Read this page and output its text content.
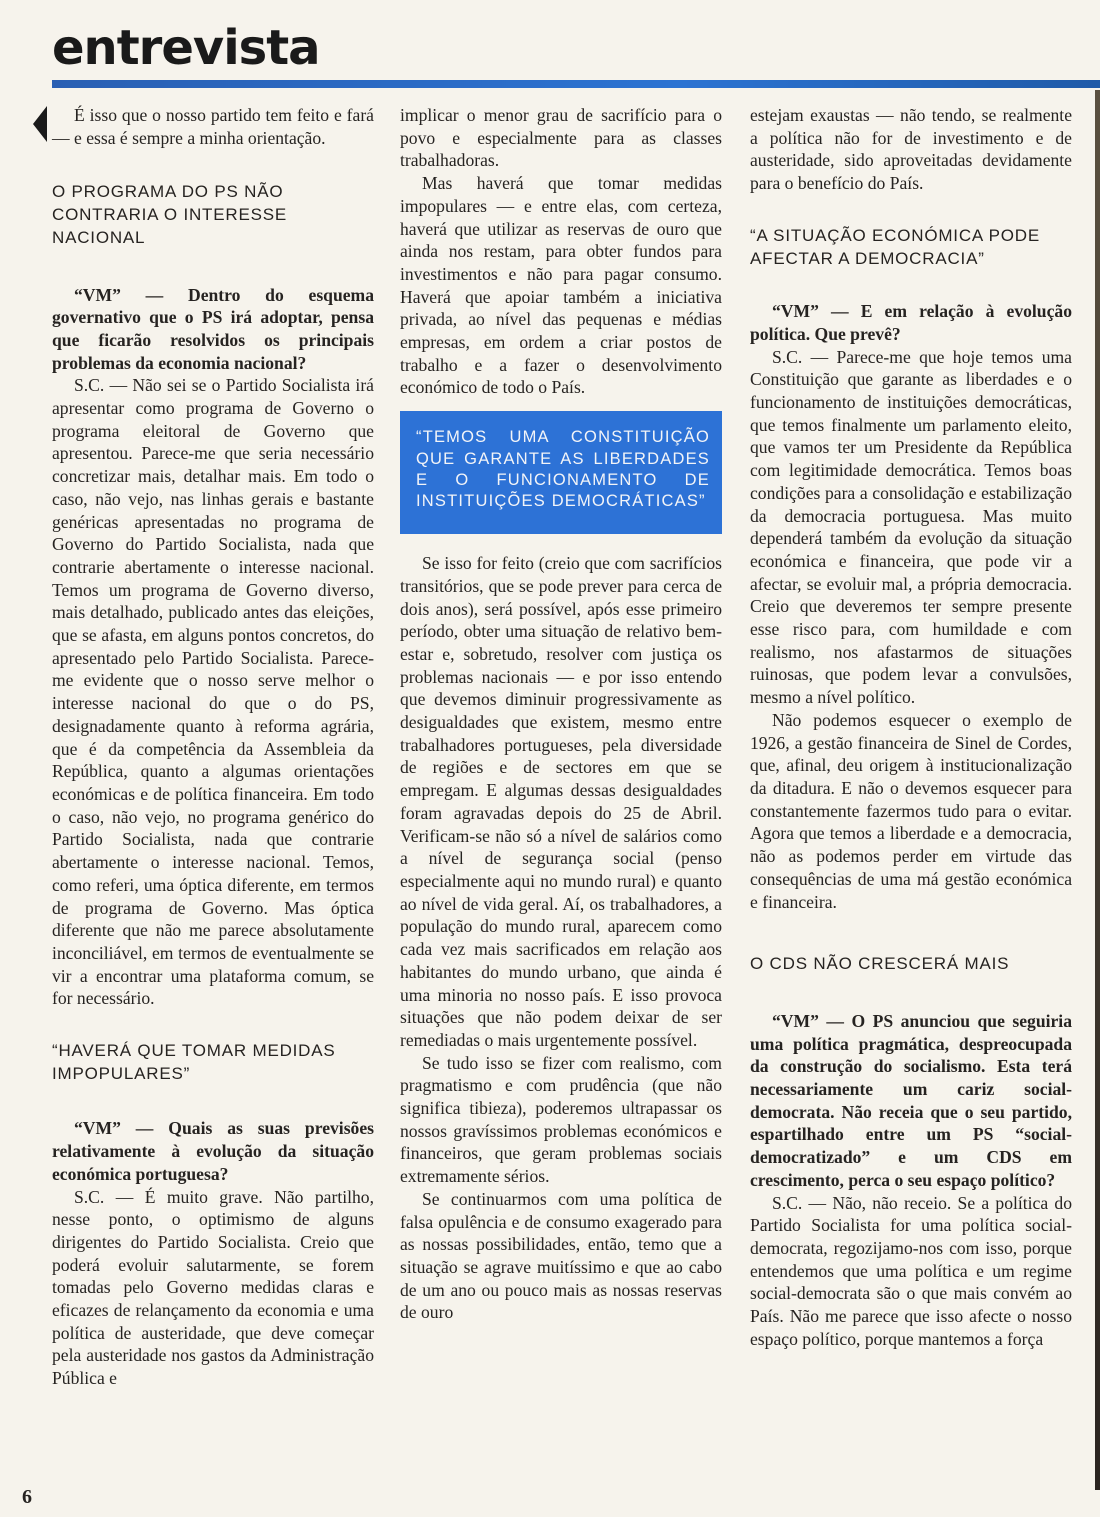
entrevista

É isso que o nosso partido tem feito e fará — e essa é sempre a minha orientação.

O PROGRAMA DO PS NÃO CONTRARIA O INTERESSE NACIONAL

“VM” — Dentro do esquema governativo que o PS irá adoptar, pensa que ficarão resolvidos os principais problemas da economia nacional?

S.C. — Não sei se o Partido Socialista irá apresentar como programa de Governo o programa eleitoral de Governo que apresentou. Parece-me que seria necessário concretizar mais, detalhar mais. Em todo o caso, não vejo, nas linhas gerais e bastante genéricas apresentadas no programa de Governo do Partido Socialista, nada que contrarie abertamente o interesse nacional. Temos um programa de Governo diverso, mais detalhado, publicado antes das eleições, que se afasta, em alguns pontos concretos, do apresentado pelo Partido Socialista. Parece-me evidente que o nosso serve melhor o interesse nacional do que o do PS, designadamente quanto à reforma agrária, que é da competência da Assembleia da República, quanto a algumas orientações económicas e de política financeira. Em todo o caso, não vejo, no programa genérico do Partido Socialista, nada que contrarie abertamente o interesse nacional. Temos, como referi, uma óptica diferente, em termos de programa de Governo. Mas óptica diferente que não me parece absolutamente inconciliável, em termos de eventualmente se vir a encontrar uma plataforma comum, se for necessário.

“HAVERÁ QUE TOMAR MEDIDAS IMPOPULARES”

“VM” — Quais as suas previsões relativamente à evolução da situação económica portuguesa?

S.C. — É muito grave. Não partilho, nesse ponto, o optimismo de alguns dirigentes do Partido Socialista. Creio que poderá evoluir salutarmente, se forem tomadas pelo Governo medidas claras e eficazes de relançamento da economia e uma política de austeridade, que deve começar pela austeridade nos gastos da Administração Pública e

implicar o menor grau de sacrifício para o povo e especialmente para as classes trabalhadoras.

Mas haverá que tomar medidas impopulares — e entre elas, com certeza, haverá que utilizar as reservas de ouro que ainda nos restam, para obter fundos para investimentos e não para pagar consumo. Haverá que apoiar também a iniciativa privada, ao nível das pequenas e médias empresas, em ordem a criar postos de trabalho e a fazer o desenvolvimento económico de todo o País.

“TEMOS UMA CONSTITUIÇÃO QUE GARANTE AS LIBERDADES E O FUNCIONAMENTO DE INSTITUIÇÕES DEMOCRÁTICAS”

Se isso for feito (creio que com sacrifícios transitórios, que se pode prever para cerca de dois anos), será possível, após esse primeiro período, obter uma situação de relativo bem-estar e, sobretudo, resolver com justiça os problemas nacionais — e por isso entendo que devemos diminuir progressivamente as desigualdades que existem, mesmo entre trabalhadores portugueses, pela diversidade de regiões e de sectores em que se empregam. E algumas dessas desigualdades foram agravadas depois do 25 de Abril. Verificam-se não só a nível de salários como a nível de segurança social (penso especialmente aqui no mundo rural) e quanto ao nível de vida geral. Aí, os trabalhadores, a população do mundo rural, aparecem como cada vez mais sacrificados em relação aos habitantes do mundo urbano, que ainda é uma minoria no nosso país. E isso provoca situações que não podem deixar de ser remediadas o mais urgentemente possível.

Se tudo isso se fizer com realismo, com pragmatismo e com prudência (que não significa tibieza), poderemos ultrapassar os nossos gravíssimos problemas económicos e financeiros, que geram problemas sociais extremamente sérios.

Se continuarmos com uma política de falsa opulência e de consumo exagerado para as nossas possibilidades, então, temo que a situação se agrave muitíssimo e que ao cabo de um ano ou pouco mais as nossas reservas de ouro

estejam exaustas — não tendo, se realmente a política não for de investimento e de austeridade, sido aproveitadas devidamente para o benefício do País.

“A SITUAÇÃO ECONÓMICA PODE AFECTAR A DEMOCRACIA”

“VM” — E em relação à evolução política. Que prevê?

S.C. — Parece-me que hoje temos uma Constituição que garante as liberdades e o funcionamento de instituições democráticas, que temos finalmente um parlamento eleito, que vamos ter um Presidente da República com legitimidade democrática. Temos boas condições para a consolidação e estabilização da democracia portuguesa. Mas muito dependerá também da evolução da situação económica e financeira, que pode vir a afectar, se evoluir mal, a própria democracia. Creio que deveremos ter sempre presente esse risco para, com humildade e com realismo, nos afastarmos de situações ruinosas, que podem levar a convulsões, mesmo a nível político.

Não podemos esquecer o exemplo de 1926, a gestão financeira de Sinel de Cordes, que, afinal, deu origem à institucionalização da ditadura. E não o devemos esquecer para constantemente fazermos tudo para o evitar. Agora que temos a liberdade e a democracia, não as podemos perder em virtude das consequências de uma má gestão económica e financeira.

O CDS NÃO CRESCERÁ MAIS

“VM” — O PS anunciou que seguiria uma política pragmática, despreocupada da construção do socialismo. Esta terá necessariamente um cariz social-democrata. Não receia que o seu partido, espartilhado entre um PS “social-democratizado” e um CDS em crescimento, perca o seu espaço político?

S.C. — Não, não receio. Se a política do Partido Socialista for uma política social-democrata, regozijamo-nos com isso, porque entendemos que uma política e um regime social-democrata são o que mais convém ao País. Não me parece que isso afecte o nosso espaço político, porque mantemos a força

6
